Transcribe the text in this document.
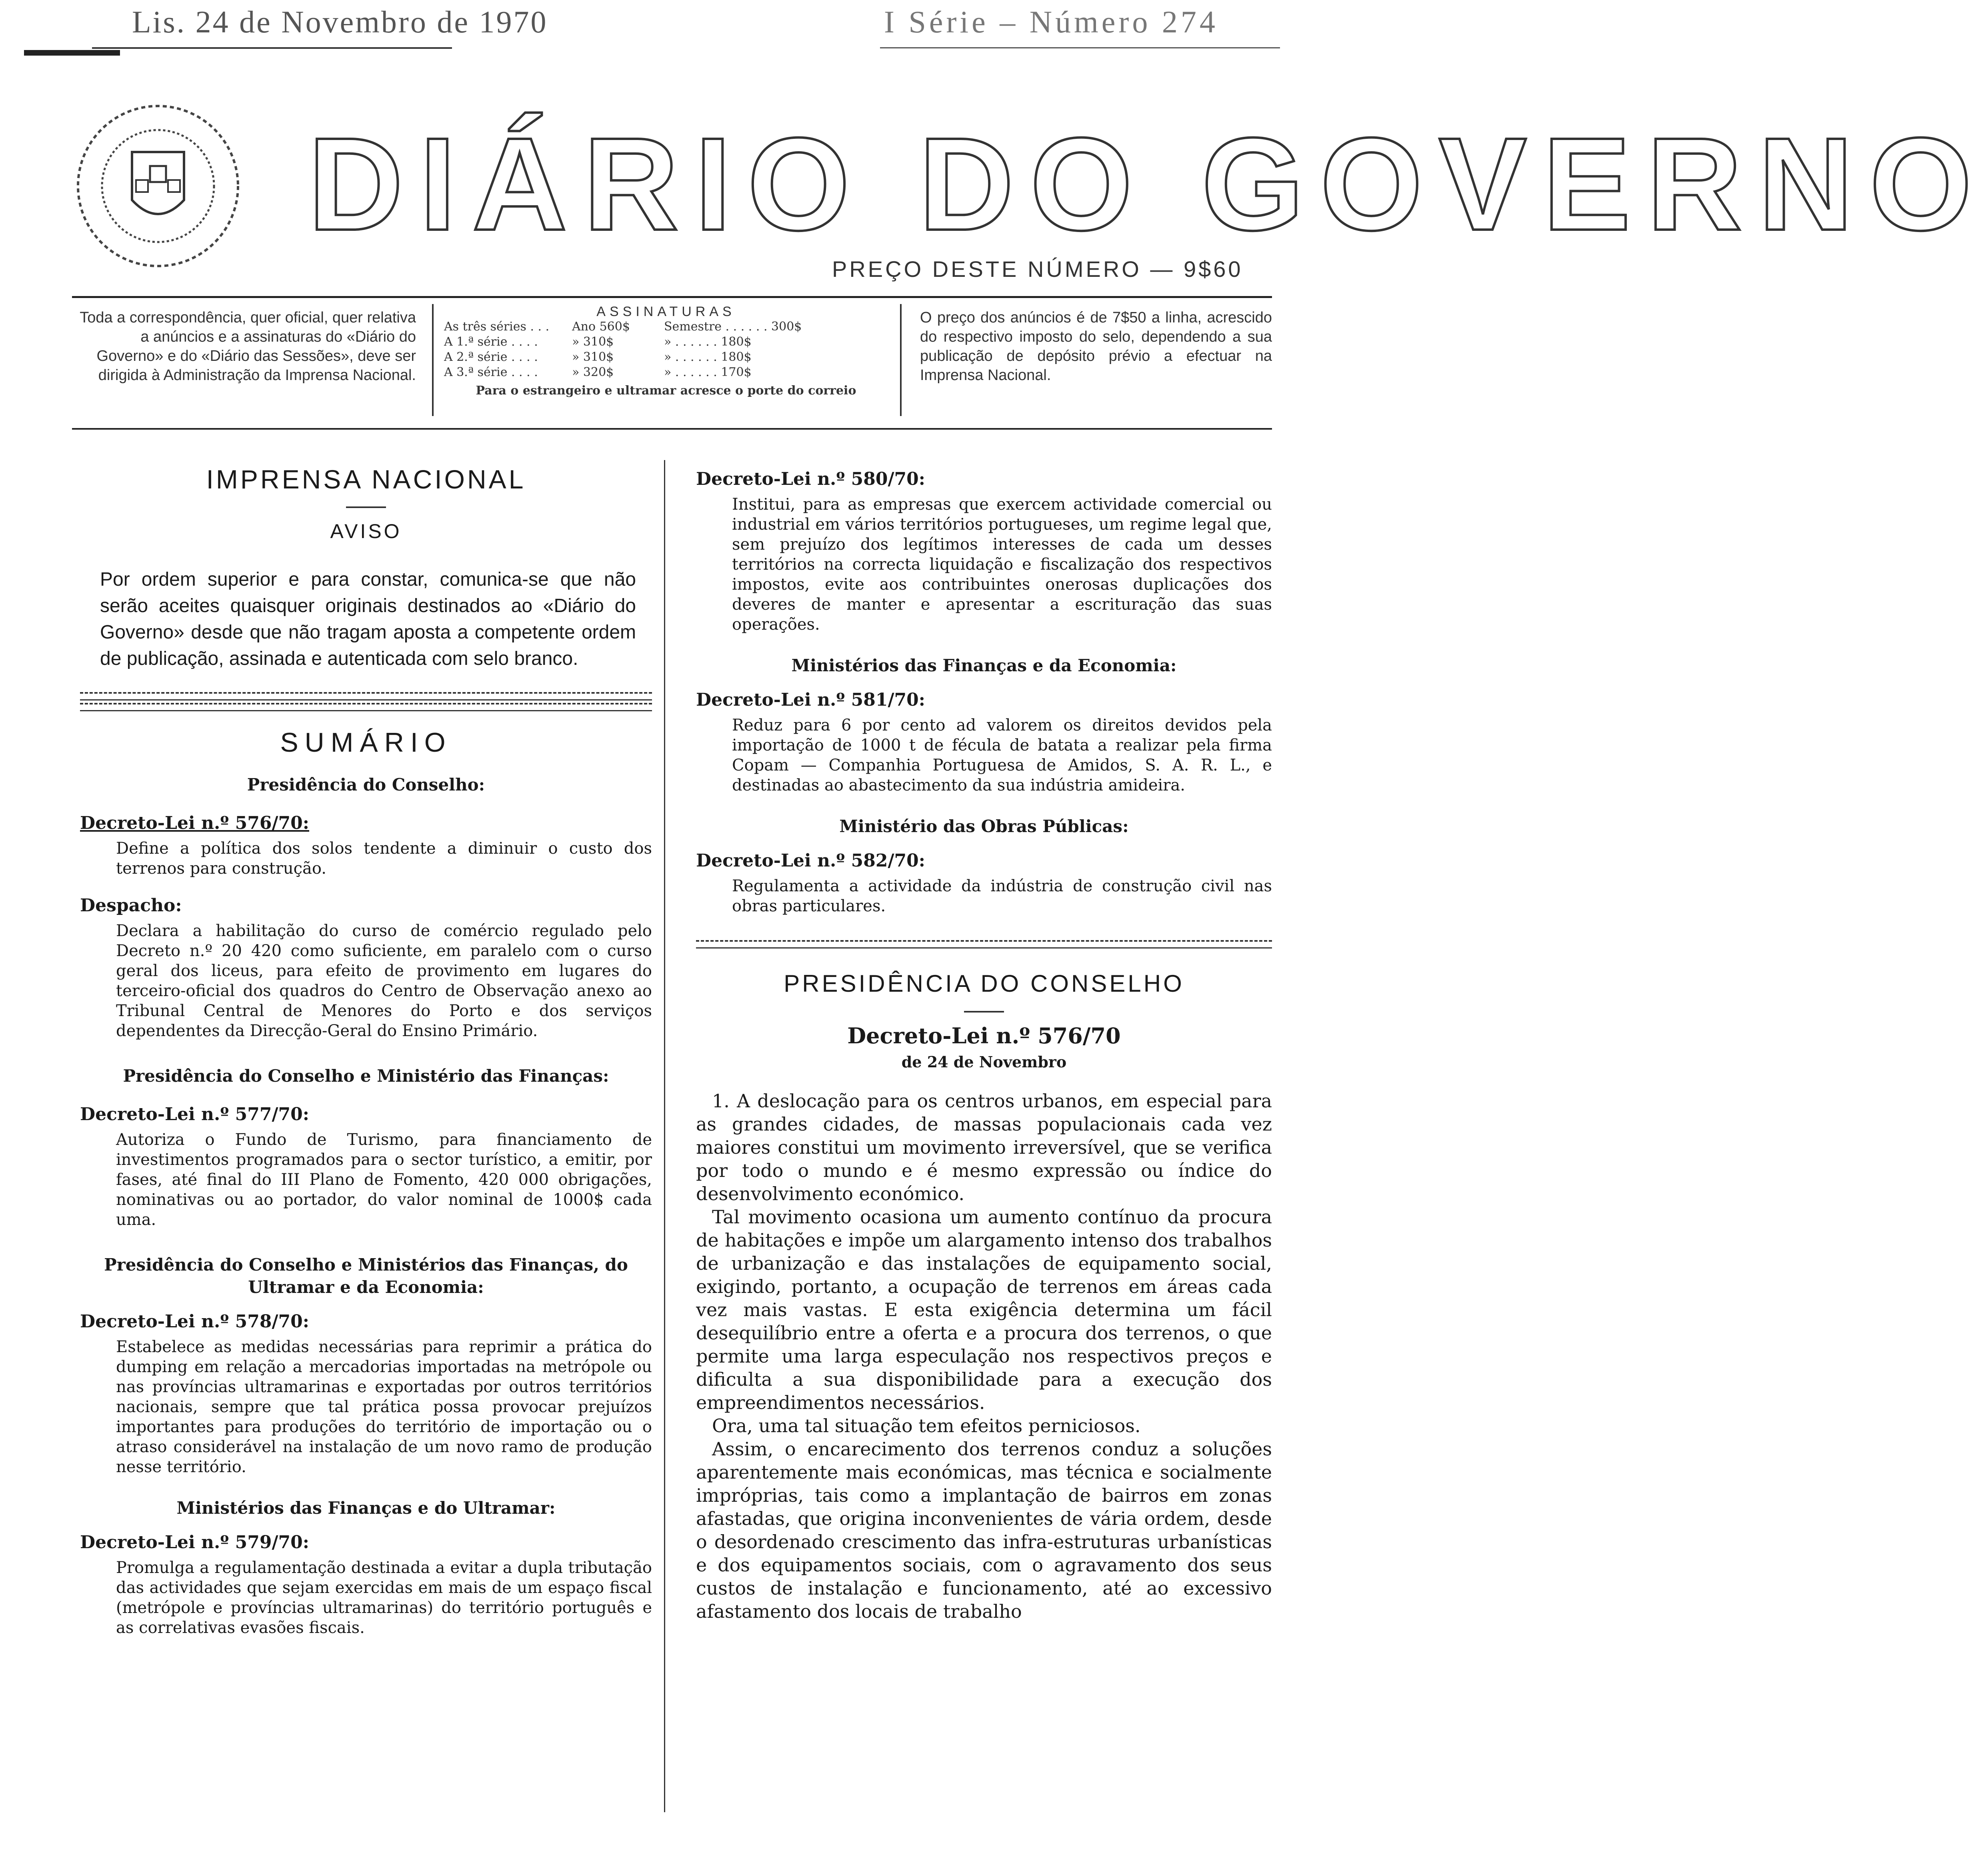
Lis. 24 de Novembro de 1970	I Série – Número 274
DIÁRIO DO GOVERNO
PREÇO DESTE NÚMERO — 9$60
Toda a correspondência, quer oficial, quer relativa a anúncios e a assinaturas do «Diário do Governo» e do «Diário das Sessões», deve ser dirigida à Administração da Imprensa Nacional.
ASSINATURAS
As três séries . . .	Ano 560$	Semestre . . . . . . 300$
A 1.ª série . . . .	» 310$	» . . . . . . 180$
A 2.ª série . . . .	» 310$	» . . . . . . 180$
A 3.ª série . . . .	» 320$	» . . . . . . 170$
Para o estrangeiro e ultramar acresce o porte do correio
O preço dos anúncios é de 7$50 a linha, acrescido do respectivo imposto do selo, dependendo a sua publicação de depósito prévio a efectuar na Imprensa Nacional.
IMPRENSA NACIONAL
AVISO
Por ordem superior e para constar, comunica-se que não serão aceites quaisquer originais destinados ao «Diário do Governo» desde que não tragam aposta a competente ordem de publicação, assinada e autenticada com selo branco.
SUMÁRIO
Presidência do Conselho:
Decreto-Lei n.º 576/70:
Define a política dos solos tendente a diminuir o custo dos terrenos para construção.
Despacho:
Declara a habilitação do curso de comércio regulado pelo Decreto n.º 20 420 como suficiente, em paralelo com o curso geral dos liceus, para efeito de provimento em lugares do terceiro-oficial dos quadros do Centro de Observação anexo ao Tribunal Central de Menores do Porto e dos serviços dependentes da Direcção-Geral do Ensino Primário.
Presidência do Conselho e Ministério das Finanças:
Decreto-Lei n.º 577/70:
Autoriza o Fundo de Turismo, para financiamento de investimentos programados para o sector turístico, a emitir, por fases, até final do III Plano de Fomento, 420 000 obrigações, nominativas ou ao portador, do valor nominal de 1000$ cada uma.
Presidência do Conselho e Ministérios das Finanças, do Ultramar e da Economia:
Decreto-Lei n.º 578/70:
Estabelece as medidas necessárias para reprimir a prática do dumping em relação a mercadorias importadas na metrópole ou nas províncias ultramarinas e exportadas por outros territórios nacionais, sempre que tal prática possa provocar prejuízos importantes para produções do território de importação ou o atraso considerável na instalação de um novo ramo de produção nesse território.
Ministérios das Finanças e do Ultramar:
Decreto-Lei n.º 579/70:
Promulga a regulamentação destinada a evitar a dupla tributação das actividades que sejam exercidas em mais de um espaço fiscal (metrópole e províncias ultramarinas) do território português e as correlativas evasões fiscais.
Decreto-Lei n.º 580/70:
Institui, para as empresas que exercem actividade comercial ou industrial em vários territórios portugueses, um regime legal que, sem prejuízo dos legítimos interesses de cada um desses territórios na correcta liquidação e fiscalização dos respectivos impostos, evite aos contribuintes onerosas duplicações dos deveres de manter e apresentar a escrituração das suas operações.
Ministérios das Finanças e da Economia:
Decreto-Lei n.º 581/70:
Reduz para 6 por cento ad valorem os direitos devidos pela importação de 1000 t de fécula de batata a realizar pela firma Copam — Companhia Portuguesa de Amidos, S. A. R. L., e destinadas ao abastecimento da sua indústria amideira.
Ministério das Obras Públicas:
Decreto-Lei n.º 582/70:
Regulamenta a actividade da indústria de construção civil nas obras particulares.
PRESIDÊNCIA DO CONSELHO
Decreto-Lei n.º 576/70
de 24 de Novembro
1. A deslocação para os centros urbanos, em especial para as grandes cidades, de massas populacionais cada vez maiores constitui um movimento irreversível, que se verifica por todo o mundo e é mesmo expressão ou índice do desenvolvimento económico.
Tal movimento ocasiona um aumento contínuo da procura de habitações e impõe um alargamento intenso dos trabalhos de urbanização e das instalações de equipamento social, exigindo, portanto, a ocupação de terrenos em áreas cada vez mais vastas. E esta exigência determina um fácil desequilíbrio entre a oferta e a procura dos terrenos, o que permite uma larga especulação nos respectivos preços e dificulta a sua disponibilidade para a execução dos empreendimentos necessários.
Ora, uma tal situação tem efeitos perniciosos.
Assim, o encarecimento dos terrenos conduz a soluções aparentemente mais económicas, mas técnica e socialmente impróprias, tais como a implantação de bairros em zonas afastadas, que origina inconvenientes de vária ordem, desde o desordenado crescimento das infra-estruturas urbanísticas e dos equipamentos sociais, com o agravamento dos seus custos de instalação e funcionamento, até ao excessivo afastamento dos locais de trabalho
